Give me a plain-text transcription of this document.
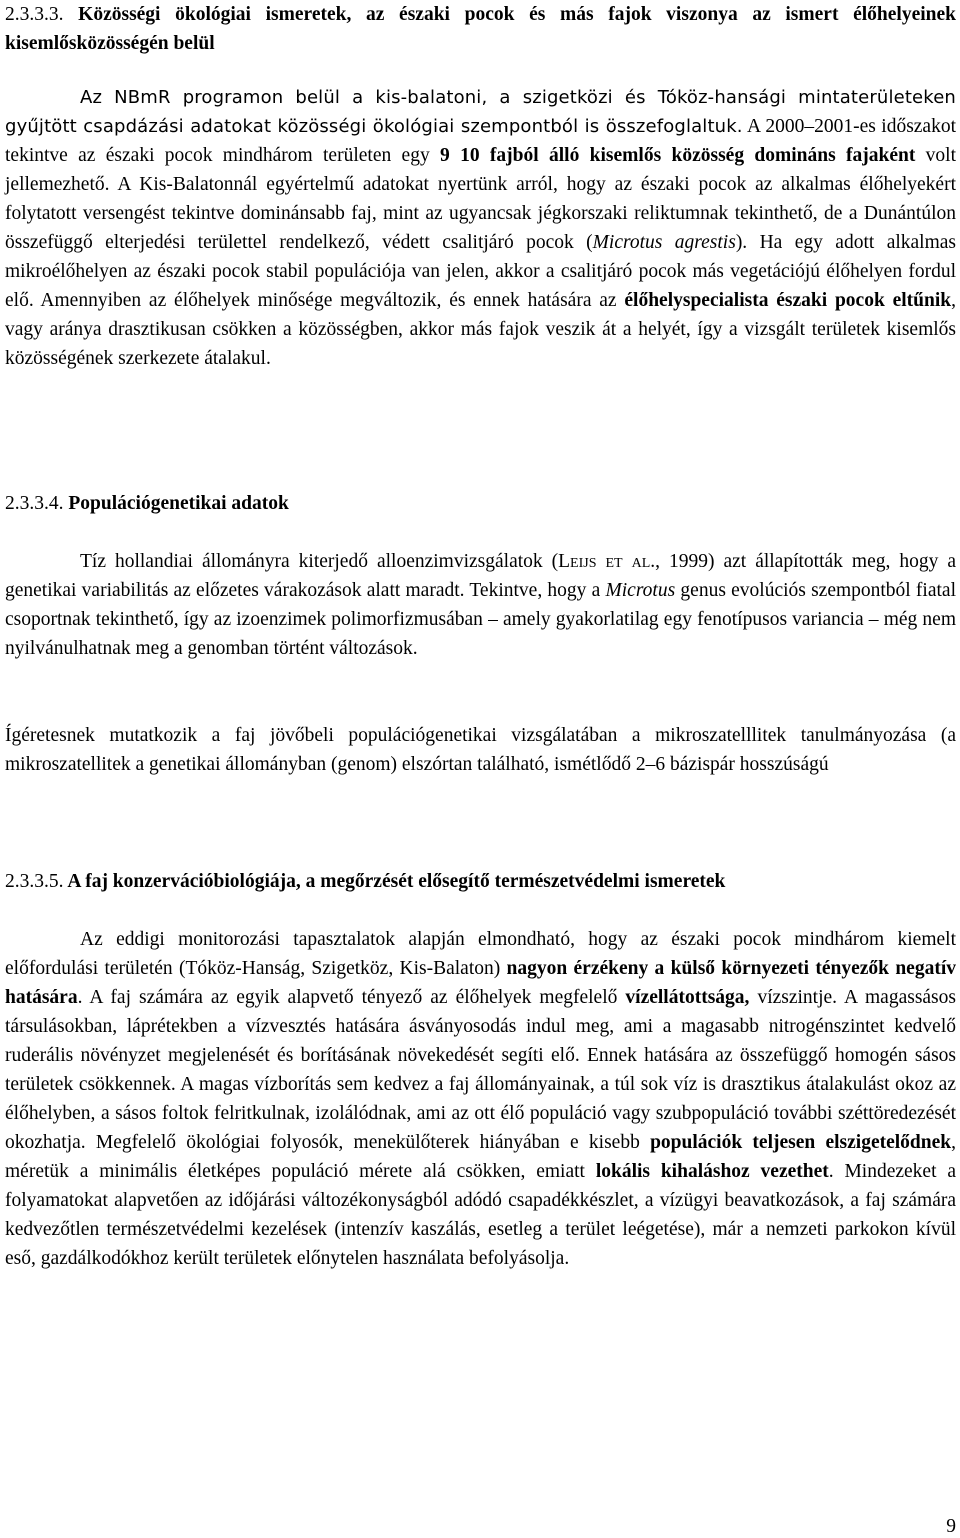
2.3.3.3. Közösségi ökológiai ismeretek, az északi pocok és más fajok viszonya az ismert élőhelyeinek kisemlősközösségén belül
Az NBmR programon belül a kis-balatoni, a szigetközi és Tóköz-hansági mintaterületeken gyűjtött csapdázási adatokat közösségi ökológiai szempontból is összefoglaltuk. A 2000–2001-es időszakot tekintve az északi pocok mindhárom területen egy 9 10 fajból álló kisemlős közösség domináns fajaként volt jellemezhető. A Kis-Balatonnál egyértelmű adatokat nyertünk arról, hogy az északi pocok az alkalmas élőhelyekért folytatott versengést tekintve dominánsabb faj, mint az ugyancsak jégkorszaki reliktumnak tekinthető, de a Dunántúlon összefüggő elterjedési területtel rendelkező, védett csalitjáró pocok (Microtus agrestis). Ha egy adott alkalmas mikroélőhelyen az északi pocok stabil populációja van jelen, akkor a csalitjáró pocok más vegetációjú élőhelyen fordul elő. Amennyiben az élőhelyek minősége megváltozik, és ennek hatására az élőhelyspecialista északi pocok eltűnik, vagy aránya drasztikusan csökken a közösségben, akkor más fajok veszik át a helyét, így a vizsgált területek kisemlős közösségének szerkezete átalakul.
2.3.3.4. Populációgenetikai adatok
Tíz hollandiai állományra kiterjedő alloenzimvizsgálatok (Leijs et al., 1999) azt állapították meg, hogy a genetikai variabilitás az előzetes várakozások alatt maradt. Tekintve, hogy a Microtus genus evolúciós szempontból fiatal csoportnak tekinthető, így az izoenzimek polimorfizmusában – amely gyakorlatilag egy fenotípusos variancia – még nem nyilvánulhatnak meg a genomban történt változások.
Ígéretesnek mutatkozik a faj jövőbeli populációgenetikai vizsgálatában a mikroszatelllitek tanulmányozása (a mikroszatellitek a genetikai állományban (genom) elszórtan található, ismétlődő 2–6 bázispár hosszúságú
2.3.3.5. A faj konzervációbiológiája, a megőrzését elősegítő természetvédelmi ismeretek
Az eddigi monitorozási tapasztalatok alapján elmondható, hogy az északi pocok mindhárom kiemelt előfordulási területén (Tóköz-Hanság, Szigetköz, Kis-Balaton) nagyon érzékeny a külső környezeti tényezők negatív hatására. A faj számára az egyik alapvető tényező az élőhelyek megfelelő vízellátottsága, vízszintje. A magassásos társulásokban, láprétekben a vízvesztés hatására ásványosodás indul meg, ami a magasabb nitrogénszintet kedvelő ruderális növényzet megjelenését és borításának növekedését segíti elő. Ennek hatására az összefüggő homogén sásos területek csökkennek. A magas vízborítás sem kedvez a faj állományainak, a túl sok víz is drasztikus átalakulást okoz az élőhelyben, a sásos foltok felritkulnak, izolálódnak, ami az ott élő populáció vagy szubpopuláció további széttöredezését okozhatja. Megfelelő ökológiai folyosók, menekülőterek hiányában e kisebb populációk teljesen elszigetelődnek, méretük a minimális életképes populáció mérete alá csökken, emiatt lokális kihaláshoz vezethet. Mindezeket a folyamatokat alapvetően az időjárási változékonyságból adódó csapadékkészlet, a vízügyi beavatkozások, a faj számára kedvezőtlen természetvédelmi kezelések (intenzív kaszálás, esetleg a terület leégetése), már a nemzeti parkokon kívül eső, gazdálkodókhoz került területek előnytelen használata befolyásolja.
9
